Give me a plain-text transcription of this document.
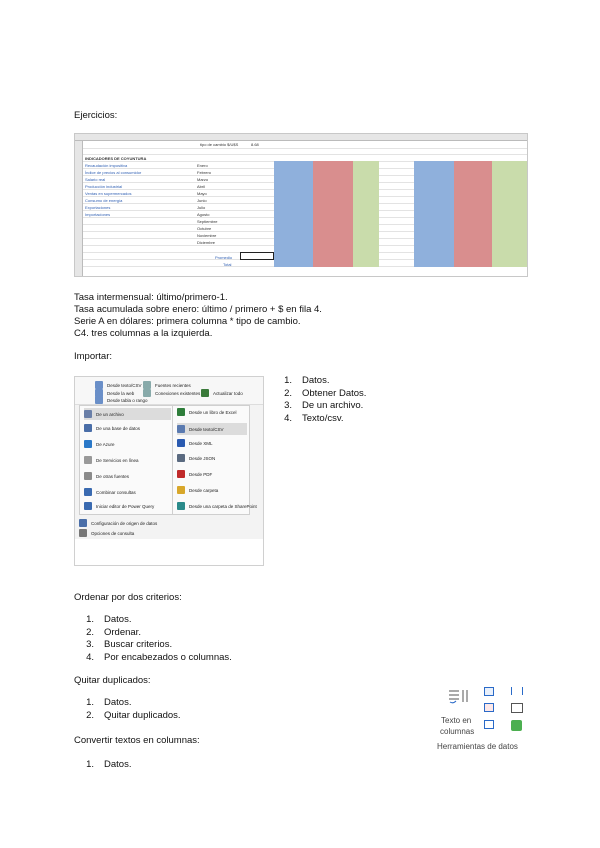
Ejercicios:
tipo de cambio $/U$S	8.68
INDICADORES DE COYUNTURA
Recaudación impositiva
Índice de precios al consumidor
Salario real
Producción industrial
Ventas en supermercados
Consumo de energía
Exportaciones
Importaciones
Enero
Febrero
Marzo
Abril
Mayo
Junio
Julio
Agosto
Septiembre
Octubre
Noviembre
Diciembre
Promedio
Total
Tasa intermensual: último/primero-1.
Tasa acumulada sobre enero: último / primero + $ en fila 4.
Serie A en dólares: primera columna * tipo de cambio.
C4. tres columnas a la izquierda.
Importar:
Desde texto/CSV
Desde la web
Desde tabla o rango
Fuentes recientes
Conexiones existentes	Actualizar todo
De un archivo
De una base de datos
De Azure
De Servicios en línea
De otras fuentes
Combinar consultas
Iniciar editor de Power Query
Desde un libro de Excel
Desde texto/CSV
Desde XML
Desde JSON
Desde PDF
Desde carpeta
Desde una carpeta de SharePoint
Configuración de origen de datos
Opciones de consulta
1. Datos.
2. Obtener Datos.
3. De un archivo.
4. Texto/csv.
Ordenar por dos criterios:
1. Datos.
2. Ordenar.
3. Buscar criterios.
4. Por encabezados o columnas.
Quitar duplicados:
1. Datos.
2. Quitar duplicados.
Convertir textos en columnas:
1. Datos.
Texto en
columnas
Herramientas de datos
